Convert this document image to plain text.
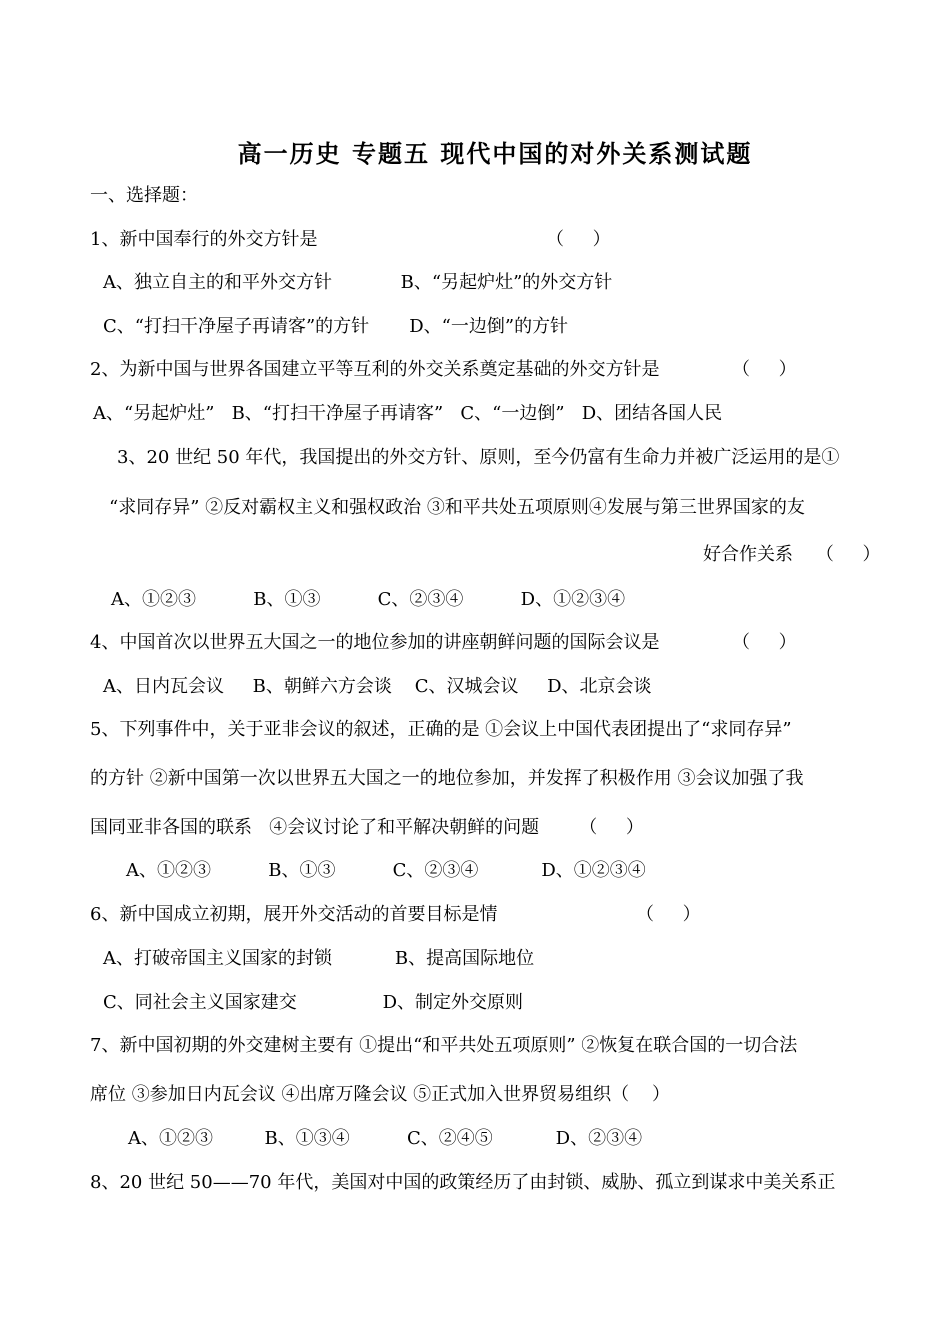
高一历史 专题五 现代中国的对外关系测试题
一、选择题：
1、新中国奉行的外交方针是	（     ）
A、独立自主的和平外交方针            B、“另起炉灶”的外交方针
C、“打扫干净屋子再请客”的方针       D、“一边倒”的方针
2、为新中国与世界各国建立平等互利的外交关系奠定基础的外交方针是	（     ）
A、“另起炉灶”   B、“打扫干净屋子再请客”   C、“一边倒”   D、团结各国人民
3、20 世纪 50 年代，我国提出的外交方针、原则，至今仍富有生命力并被广泛运用的是①
“求同存异” ②反对霸权主义和强权政治 ③和平共处五项原则④发展与第三世界国家的友
好合作关系    （     ）
A、①②③          B、①③          C、②③④          D、①②③④
4、中国首次以世界五大国之一的地位参加的讲座朝鲜问题的国际会议是	（     ）
A、日内瓦会议     B、朝鲜六方会谈    C、汉城会议     D、北京会谈
5、下列事件中，关于亚非会议的叙述，正确的是 ①会议上中国代表团提出了“求同存异”
的方针 ②新中国第一次以世界五大国之一的地位参加，并发挥了积极作用 ③会议加强了我
国同亚非各国的联系   ④会议讨论了和平解决朝鲜的问题       （     ）
A、①②③          B、①③          C、②③④           D、①②③④
6、新中国成立初期，展开外交活动的首要目标是情	（     ）
A、打破帝国主义国家的封锁           B、提高国际地位
C、同社会主义国家建交               D、制定外交原则
7、新中国初期的外交建树主要有 ①提出“和平共处五项原则” ②恢复在联合国的一切合法
席位 ③参加日内瓦会议 ④出席万隆会议 ⑤正式加入世界贸易组织（    ）
A、①②③         B、①③④          C、②④⑤           D、②③④
8、20 世纪 50——70 年代，美国对中国的政策经历了由封锁、威胁、孤立到谋求中美关系正
